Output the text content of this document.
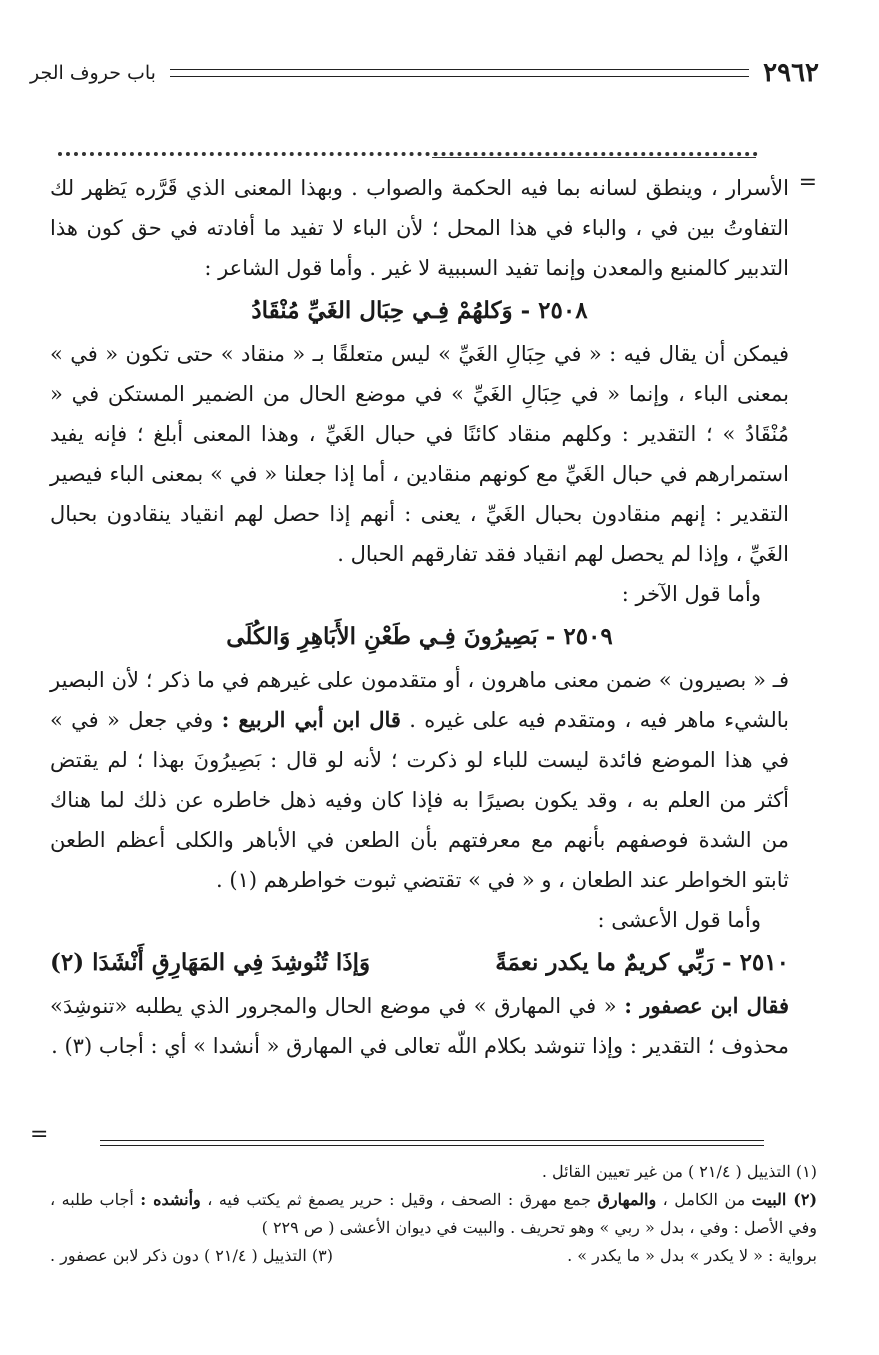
٢٩٦٢
باب حروف الجر
=

الأسرار ، وينطق لسانه بما فيه الحكمة والصواب . وبهذا المعنى الذي قَرَّره يَظهر لك التفاوتُ بين في ، والباء في هذا المحل ؛ لأن الباء لا تفيد ما أفادته في حق كون هذا التدبير كالمنبع والمعدن وإنما تفيد السببية لا غير . وأما قول الشاعر :

٢٥٠٨ - وَكلهُمْ فِـي حِبَال الغَيِّ مُنْقَادُ

فيمكن أن يقال فيه : « في حِبَالِ الغَيِّ » ليس متعلقًا بـ « منقاد » حتى تكون « في » بمعنى الباء ، وإنما « في حِبَالِ الغَيِّ » في موضع الحال من الضمير المستكن في « مُنْقَادُ » ؛ التقدير : وكلهم منقاد كائنًا في حبال الغَيِّ ، وهذا المعنى أبلغ ؛ فإنه يفيد استمرارهم في حبال الغَيِّ مع كونهم منقادين ، أما إذا جعلنا « في » بمعنى الباء فيصير التقدير : إنهم منقادون بحبال الغَيِّ ، يعنى : أنهم إذا حصل لهم انقياد ينقادون بحبال الغَيِّ ، وإذا لم يحصل لهم انقياد فقد تفارقهم الحبال .

وأما قول الآخر :

٢٥٠٩ - بَصِيرُونَ فِـي طَعْنِ الأَبَاهِرِ وَالكُلَى

فـ « بصيرون » ضمن معنى ماهرون ، أو متقدمون على غيرهم في ما ذكر ؛ لأن البصير بالشيء ماهر فيه ، ومتقدم فيه على غيره . قال ابن أبي الربيع : وفي جعل « في » في هذا الموضع فائدة ليست للباء لو ذكرت ؛ لأنه لو قال : بَصِيرُونَ بهذا ؛ لم يقتض أكثر من العلم به ، وقد يكون بصيرًا به فإذا كان وفيه ذهل خاطره عن ذلك لما هناك من الشدة فوصفهم بأنهم مع معرفتهم بأن الطعن في الأباهر والكلى أعظم الطعن ثابتو الخواطر عند الطعان ، و « في » تقتضي ثبوت خواطرهم (١) .

وأما قول الأعشى :

٢٥١٠ - رَبِّي كريمٌ ما يكدر نعمَةً
وَإذَا تُنُوشِدَ فِي المَهَارِقِ أَنْشَدَا (٢)

فقال ابن عصفور : « في المهارق » في موضع الحال والمجرور الذي يطلبه «تنوشِدَ» محذوف ؛ التقدير : وإذا تنوشد بكلام اللّه تعالى في المهارق « أنشدا » أي : أجاب (٣) .

=

(١) التذييل ( ٢١/٤ ) من غير تعيين القائل .

(٢) البيت من الكامل ، والمهارق جمع مهرق : الصحف ، وقيل : حرير يصمغ ثم يكتب فيه ، وأنشده : أجاب طلبه ، وفي الأصل : وفي ، بدل « ربي » وهو تحريف . والبيت في ديوان الأعشى ( ص ٢٢٩ )

برواية : « لا يكدر » بدل « ما يكدر » .
(٣) التذييل ( ٢١/٤ ) دون ذكر لابن عصفور .
